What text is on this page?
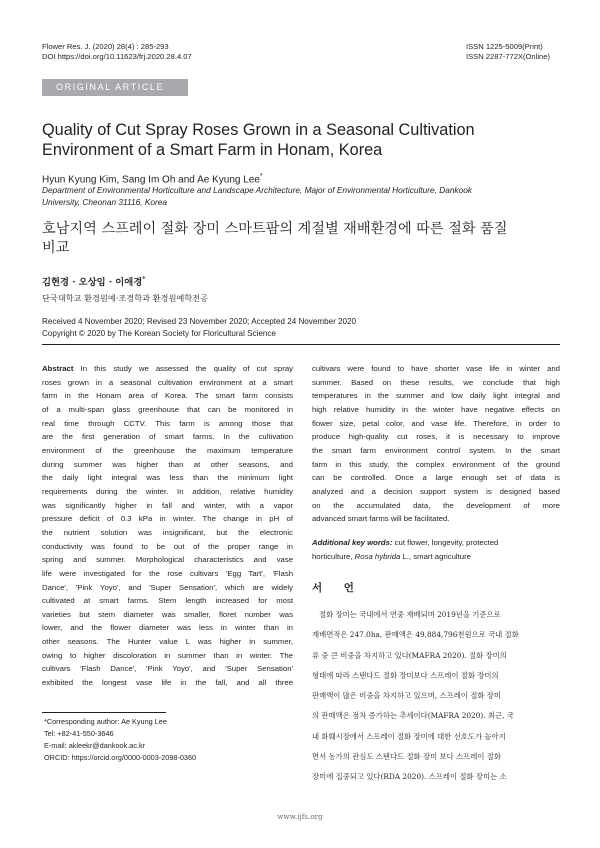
Flower Res. J. (2020) 28(4) : 285-293
DOI https://doi.org/10.11623/frj.2020.28.4.07
ISSN 1225-5009(Print)
ISSN 2287-772X(Online)
ORIGINAL ARTICLE
Quality of Cut Spray Roses Grown in a Seasonal Cultivation
Environment of a Smart Farm in Honam, Korea
Hyun Kyung Kim, Sang Im Oh and Ae Kyung Lee*
Department of Environmental Horticulture and Landscape Architecture, Major of Environmental Horticulture, Dankook
University, Cheonan 31116, Korea
호남지역 스프레이 절화 장미 스마트팜의 계절별 재배환경에 따른 절화 품질
비교
김현경 · 오상임 · 이애경*
단국대학교 환경원예·조경학과 환경원예학전공
Received 4 November 2020; Revised 23 November 2020; Accepted 24 November 2020
Copyright © 2020 by The Korean Society for Floricultural Science
Abstract In this study we assessed the quality of cut spray
roses grown in a seasonal cultivation environment at a smart
farm in the Honam area of Korea. The smart farm consists
of a multi-span glass greenhouse that can be monitored in
real time through CCTV. This farm is among those that
are the first generation of smart farms. In the cultivation
environment of the greenhouse the maximum temperature
during summer was higher than at other seasons, and
the daily light integral was less than the minimum light
requirements during the winter. In addition, relative humidity
was significantly higher in fall and winter, with a vapor
pressure deficit of 0.3 kPa in winter. The change in pH of
the nutrient solution was insignificant, but the electronic
conductivity was found to be out of the proper range in
spring and summer. Morphological characteristics and vase
life were investigated for the rose cultivars 'Egg Tart', 'Flash
Dance', 'Pink Yoyo', and 'Super Sensation', which are widely
cultivated at smart farms. Stem length increased for most
varieties but stem diameter was smaller, floret number was
lower, and the flower diameter was less in winter than in
other seasons. The Hunter value L was higher in summer,
owing to higher discoloration in summer than in winter. The
cultivars 'Flash Dance', 'Pink Yoyo', and 'Super Sensation'
exhibited the longest vase life in the fall, and all three
cultivars were found to have shorter vase life in winter and
summer. Based on these results, we conclude that high
temperatures in the summer and low daily light integral and
high relative humidity in the winter have negative effects on
flower size, petal color, and vase life. Therefore, in order to
produce high-quality cut roses, it is necessary to improve
the smart farm environment control system. In the smart
farm in this study, the complex environment of the ground
can be controlled. Once a large enough set of data is
analyzed and a decision support system is designed based
on the accumulated data, the development of more
advanced smart farms will be facilitated.
Additional key words: cut flower, longevity, protected
horticulture, Rosa hybrida L., smart agriculture
서 언
절화 장미는 국내에서 연중 재배되며 2019년을 기준으로
재배면적은 247.0ha, 판매액은 49,884,796천원으로 국내 절화
류 중 큰 비중을 차지하고 있다(MAFRA 2020). 절화 장미의
형태에 따라 스탠다드 절화 장미보다 스프레이 절화 장미의
판매액이 많은 비중을 차지하고 있으며, 스프레이 절화 장미
의 판매액은 점차 증가하는 추세이다(MAFRA 2020). 최근, 국
내 화훼시장에서 스프레이 절화 장미에 대한 선호도가 높아지
면서 농가의 관심도 스탠다드 절화 장미 보다 스프레이 절화
장미에 집중되고 있다(RDA 2020). 스프레이 절화 장미는 소
*Corresponding author: Ae Kyung Lee
Tel: +82-41-550-3646
E-mail: akleekr@dankook.ac.kr
ORCID: https://orcid.org/0000-0003-2098-0360
www.ijfs.org
